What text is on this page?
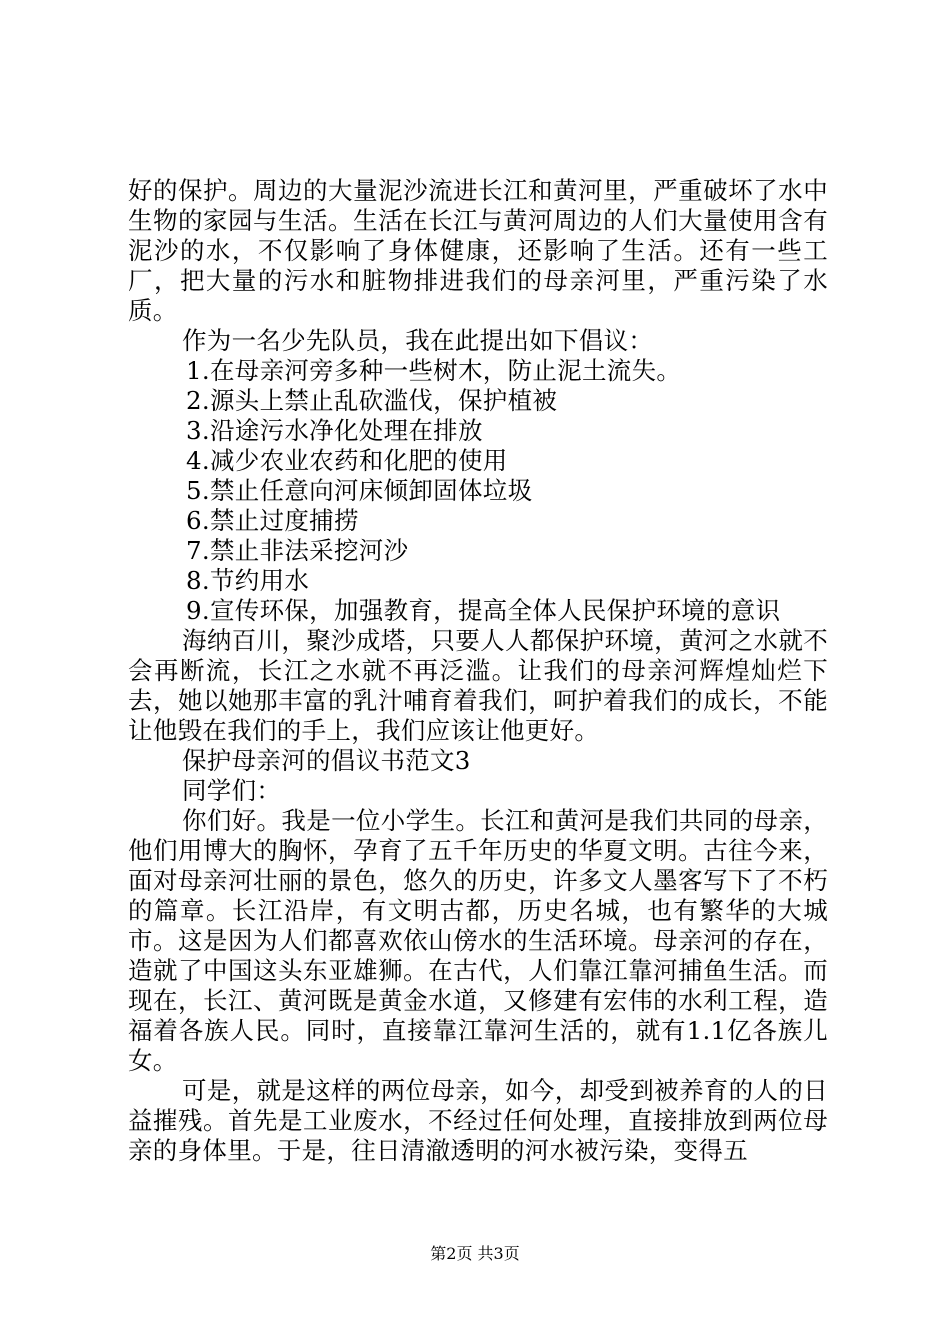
好的保护。周边的大量泥沙流进长江和黄河里，严重破坏了水中生物的家园与生活。生活在长江与黄河周边的人们大量使用含有泥沙的水，不仅影响了身体健康，还影响了生活。还有一些工厂，把大量的污水和脏物排进我们的母亲河里，严重污染了水质。

作为一名少先队员，我在此提出如下倡议：

1.在母亲河旁多种一些树木，防止泥土流失。

2.源头上禁止乱砍滥伐，保护植被

3.沿途污水净化处理在排放

4.减少农业农药和化肥的使用

5.禁止任意向河床倾卸固体垃圾

6.禁止过度捕捞

7.禁止非法采挖河沙

8.节约用水

9.宣传环保，加强教育，提高全体人民保护环境的意识

海纳百川，聚沙成塔，只要人人都保护环境，黄河之水就不会再断流，长江之水就不再泛滥。让我们的母亲河辉煌灿烂下去，她以她那丰富的乳汁哺育着我们，呵护着我们的成长，不能让他毁在我们的手上，我们应该让他更好。

保护母亲河的倡议书范文3

同学们：

你们好。我是一位小学生。长江和黄河是我们共同的母亲，他们用博大的胸怀，孕育了五千年历史的华夏文明。古往今来，面对母亲河壮丽的景色，悠久的历史，许多文人墨客写下了不朽的篇章。长江沿岸，有文明古都，历史名城，也有繁华的大城市。这是因为人们都喜欢依山傍水的生活环境。母亲河的存在，造就了中国这头东亚雄狮。在古代，人们靠江靠河捕鱼生活。而现在，长江、黄河既是黄金水道，又修建有宏伟的水利工程，造福着各族人民。同时，直接靠江靠河生活的，就有1.1亿各族儿女。

可是，就是这样的两位母亲，如今，却受到被养育的人的日益摧残。首先是工业废水，不经过任何处理，直接排放到两位母亲的身体里。于是，往日清澈透明的河水被污染，变得五

第2页 共3页
